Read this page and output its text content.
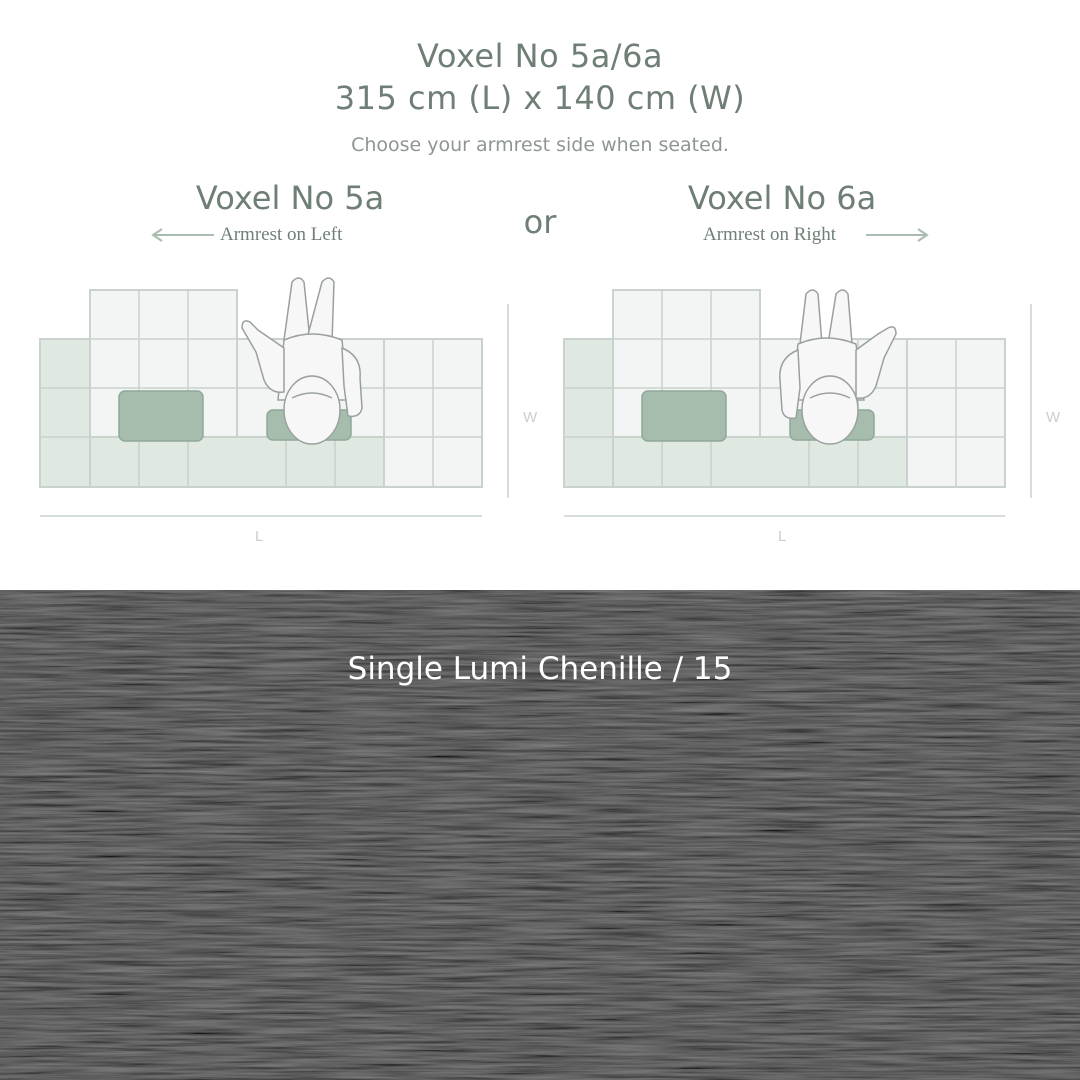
Voxel No 5a/6a
315 cm (L) x 140 cm (W)
Choose your armrest side when seated.
Voxel No 5a
or
Voxel No 6a
Armrest on Left	Armrest on Right
L
W
L
W
Single Lumi Chenille / 15
